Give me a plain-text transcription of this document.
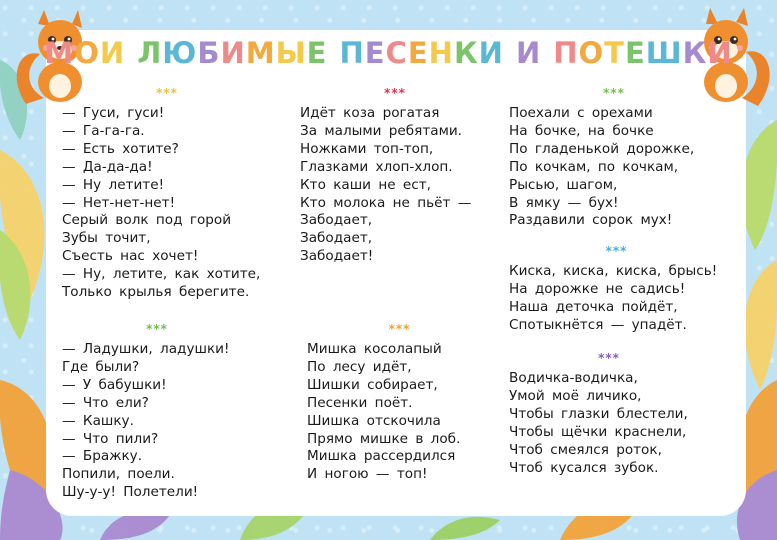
МОИ ЛЮБИМЫЕ ПЕСЕНКИ И ПОТЕШКИ
***
— Гуси, гуси!
— Га-га-га.
— Есть хотите?
— Да-да-да!
— Ну летите!
— Нет-нет-нет!
Серый волк под горой
Зубы точит,
Съесть нас хочет!
— Ну, летите, как хотите,
Только крылья берегите.
***
Идёт коза рогатая
За малыми ребятами.
Ножками топ-топ,
Глазками хлоп-хлоп.
Кто каши не ест,
Кто молока не пьёт —
Забодает,
Забодает,
Забодает!
***
Поехали с орехами
На бочке, на бочке
По гладенькой дорожке,
По кочкам, по кочкам,
Рысью, шагом,
В ямку — бух!
Раздавили сорок мух!
***
— Ладушки, ладушки!
Где были?
— У бабушки!
— Что ели?
— Кашку.
— Что пили?
— Бражку.
Попили, поели.
Шу-у-у! Полетели!
***
Мишка косолапый
По лесу идёт,
Шишки собирает,
Песенки поёт.
Шишка отскочила
Прямо мишке в лоб.
Мишка рассердился
И ногою — топ!
***
Киска, киска, киска, брысь!
На дорожке не садись!
Наша деточка пойдёт,
Спотыкнётся — упадёт.
***
Водичка-водичка,
Умой моё личико,
Чтобы глазки блестели,
Чтобы щёчки краснели,
Чтоб смеялся роток,
Чтоб кусался зубок.
